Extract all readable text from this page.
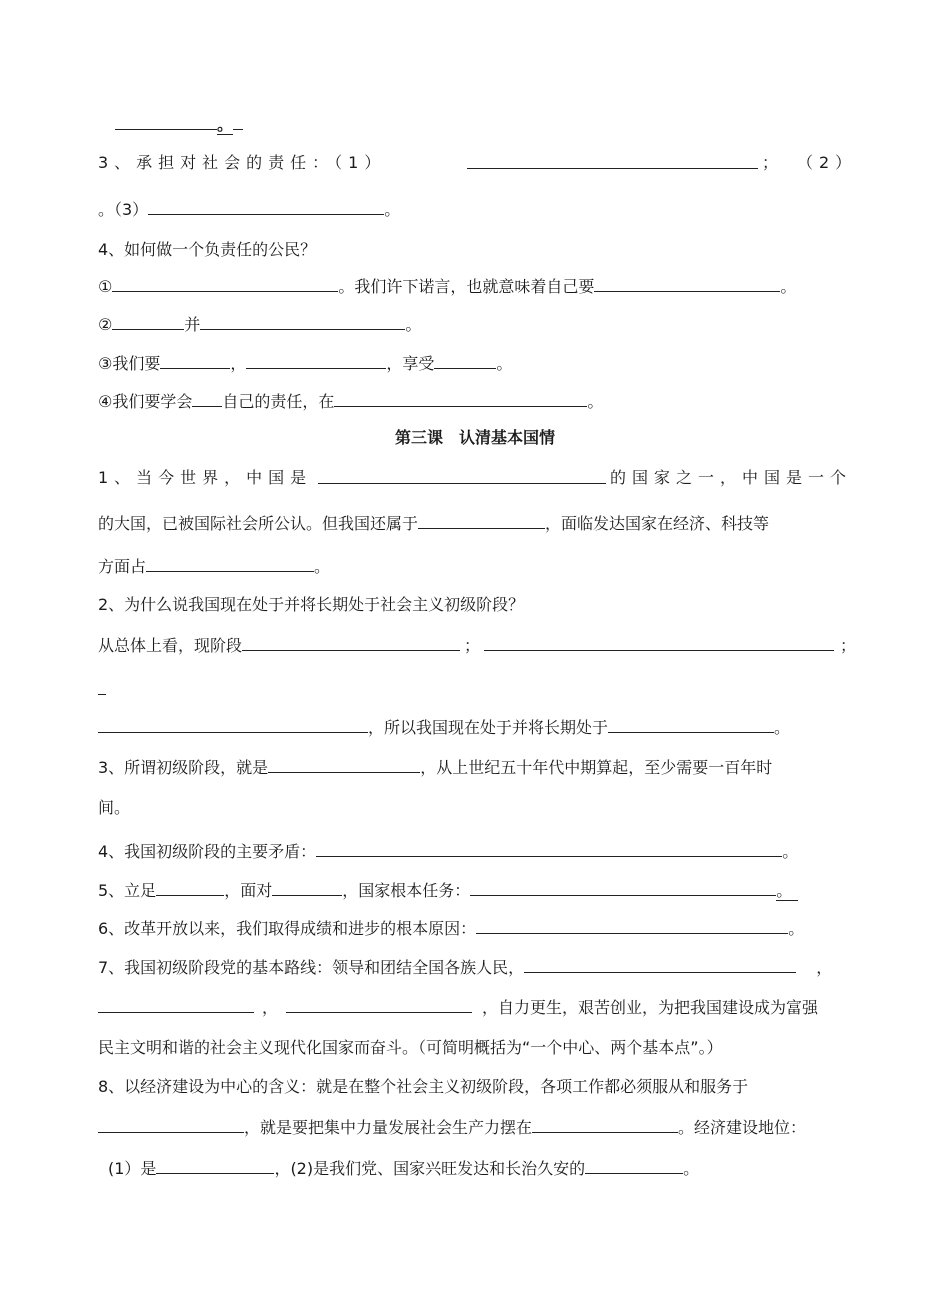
。
3、承担对社会的责任：（1）	； （2）
。（3）	。
4、如何做一个负责任的公民？
①	。我们许下诺言，也就意味着自己要	。
②	并	。
③我们要	，	，享受	。
④我们要学会 自己的责任，在	。
第三课　认清基本国情
1、当今世界，中国是	的国家之一，中国是一个
的大国，已被国际社会所公认。但我国还属于	，面临发达国家在经济、科技等
方面占	。
2、为什么说我国现在处于并将长期处于社会主义初级阶段？
从总体上看，现阶段	；	；
，所以我国现在处于并将长期处于	。
3、所谓初级阶段，就是	，从上世纪五十年代中期算起，至少需要一百年时
间。
4、我国初级阶段的主要矛盾：	。
5、立足	，面对	，国家根本任务：	。
6、改革开放以来，我们取得成绩和进步的根本原因：	。
7、我国初级阶段党的基本路线：领导和团结全国各族人民，	，
，	，自力更生，艰苦创业，为把我国建设成为富强
民主文明和谐的社会主义现代化国家而奋斗。（可简明概括为“一个中心、两个基本点”。）
8、以经济建设为中心的含义：就是在整个社会主义初级阶段，各项工作都必须服从和服务于
，就是要把集中力量发展社会生产力摆在	。经济建设地位：
(1）是	，(2)是我们党、国家兴旺发达和长治久安的	。
